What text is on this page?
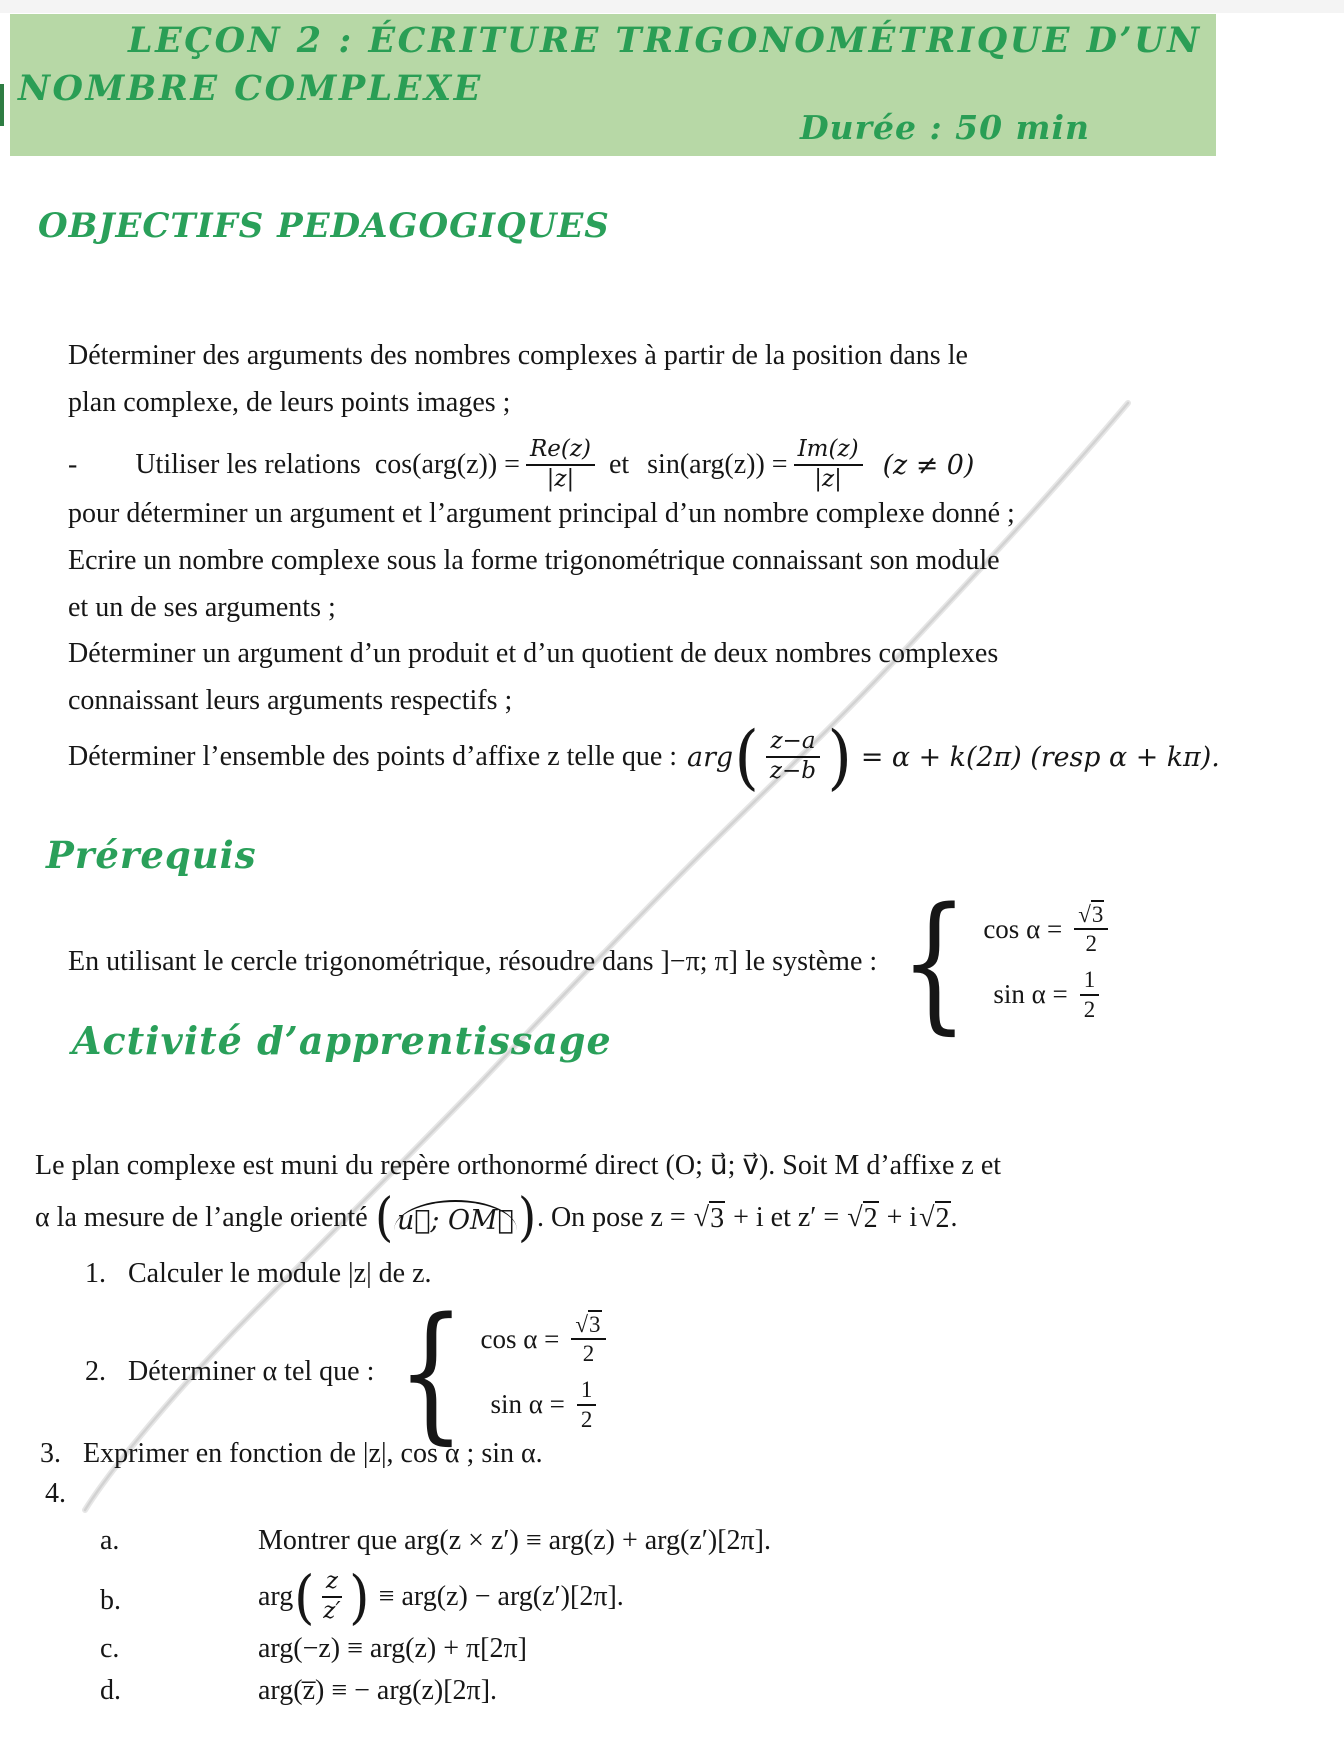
LEÇON 2 : ÉCRITURE TRIGONOMÉTRIQUE D’UN
NOMBRE COMPLEXE
Durée : 50 min
OBJECTIFS PEDAGOGIQUES
Déterminer des arguments des nombres complexes à partir de la position dans le
plan complexe, de leurs points images ;
- Utiliser les relations $\cos(arg(z)) = \frac{Re(z)}{|z|}$ et $\sin(arg(z)) = \frac{Im(z)}{|z|} (z \ne 0)$
pour déterminer un argument et l’argument principal d’un nombre complexe donné ;
Ecrire un nombre complexe sous la forme trigonométrique connaissant son module
et un de ses arguments ;
Déterminer un argument d’un produit et d’un quotient de deux nombres complexes
connaissant leurs arguments respectifs ;
Déterminer l’ensemble des points d’affixe z telle que : arg ( $\frac{z-a}{z-b}$ ) = α + k(2π) (resp α + kπ).
Prérequis
En utilisant le cercle trigonométrique, résoudre dans ]−π; π] le système : { $\cos \alpha = \frac{√3}{2}$
$\sin \alpha = \frac{1}{2}$
Activité d’apprentissage
Le plan complexe est muni du repère orthonormé direct (O; u⃗; v⃗). Soit M d’affixe z et
α la mesure de l’angle orienté ( u⃗; OM⃗ ) . On pose z = √ 3 + i et z′ = √ 2 + i √ 2 .
1. Calculer le module |z| de z.
2. Déterminer α tel que : { $\cos \alpha = \frac{√3}{2}$
$\sin \alpha = \frac{1}{2}$
3. Exprimer en fonction de |z|, cos α ; sin α.
4.
a.	Montrer que arg(z × z′) ≡ arg(z) + arg(z′)[2π].
b.	arg ( $\frac{z}{z'}$ ) ≡ arg(z) − arg(z′)[2π].
c.	arg(−z) ≡ arg(z) + π[2π]
d.	arg(z̅) ≡ − arg(z)[2π].
